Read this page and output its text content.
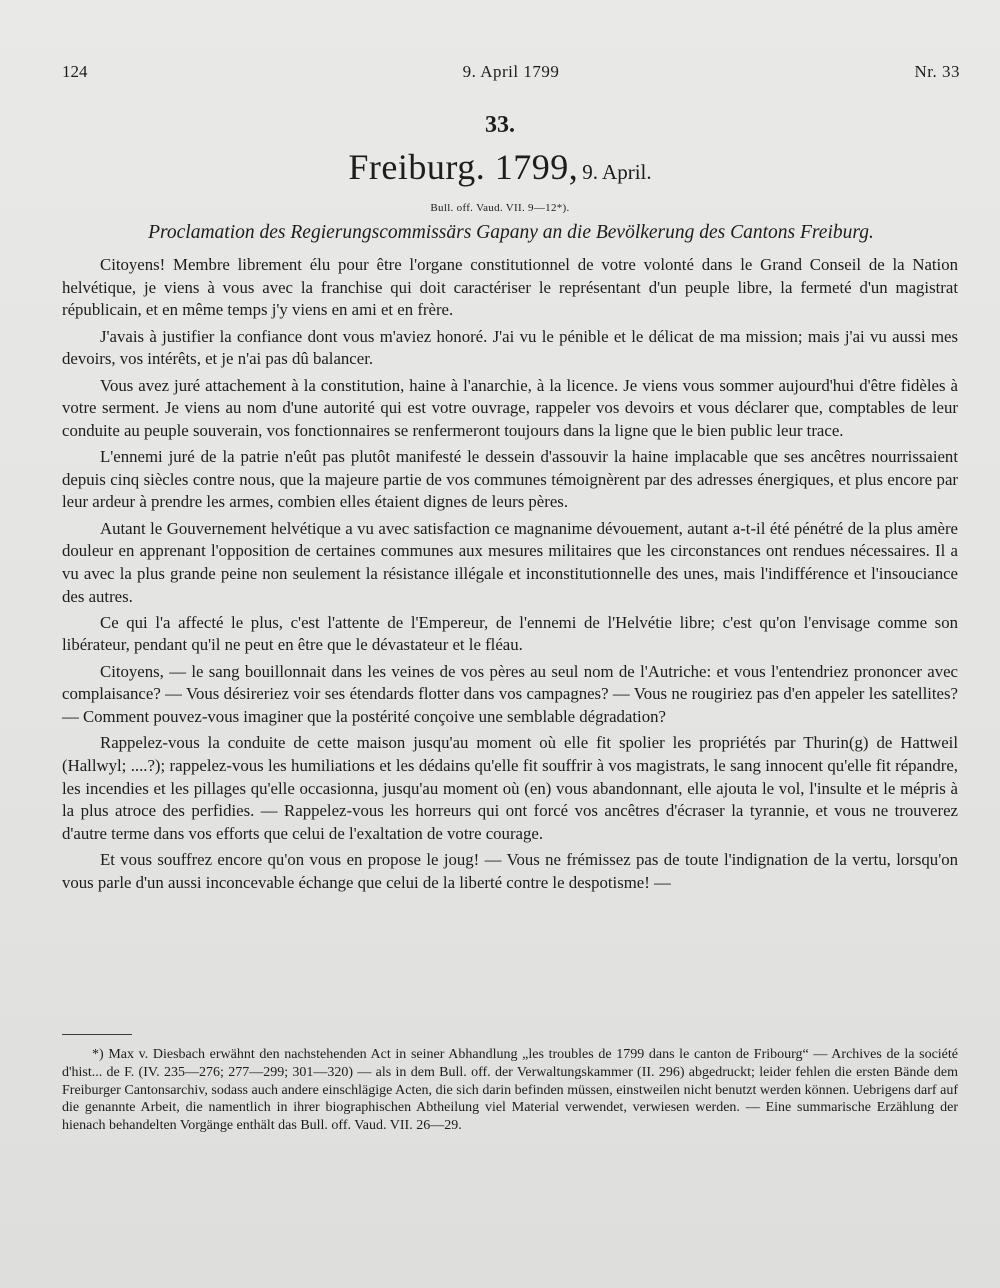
124	9. April 1799	Nr. 33
33.
Freiburg. 1799, 9. April.
Bull. off. Vaud. VII. 9—12*).
Proclamation des Regierungscommissärs Gapany an die Bevölkerung des Cantons Freiburg.

Citoyens! Membre librement élu pour être l'organe constitutionnel de votre volonté dans le Grand Conseil de la Nation helvétique, je viens à vous avec la franchise qui doit caractériser le représentant d'un peuple libre, la fermeté d'un magistrat républicain, et en même temps j'y viens en ami et en frère.

J'avais à justifier la confiance dont vous m'aviez honoré. J'ai vu le pénible et le délicat de ma mission; mais j'ai vu aussi mes devoirs, vos intérêts, et je n'ai pas dû balancer.

Vous avez juré attachement à la constitution, haine à l'anarchie, à la licence. Je viens vous sommer aujourd'hui d'être fidèles à votre serment. Je viens au nom d'une autorité qui est votre ouvrage, rappeler vos devoirs et vous déclarer que, comptables de leur conduite au peuple souverain, vos fonctionnaires se renfermeront toujours dans la ligne que le bien public leur trace.

L'ennemi juré de la patrie n'eût pas plutôt manifesté le dessein d'assouvir la haine implacable que ses ancêtres nourrissaient depuis cinq siècles contre nous, que la majeure partie de vos communes témoignèrent par des adresses énergiques, et plus encore par leur ardeur à prendre les armes, combien elles étaient dignes de leurs pères.

Autant le Gouvernement helvétique a vu avec satisfaction ce magnanime dévouement, autant a-t-il été pénétré de la plus amère douleur en apprenant l'opposition de certaines communes aux mesures militaires que les circonstances ont rendues nécessaires. Il a vu avec la plus grande peine non seulement la résistance illégale et inconstitutionnelle des unes, mais l'indifférence et l'insouciance des autres.

Ce qui l'a affecté le plus, c'est l'attente de l'Empereur, de l'ennemi de l'Helvétie libre; c'est qu'on l'envisage comme son libérateur, pendant qu'il ne peut en être que le dévastateur et le fléau.

Citoyens, — le sang bouillonnait dans les veines de vos pères au seul nom de l'Autriche: et vous l'entendriez prononcer avec complaisance? — Vous désireriez voir ses étendards flotter dans vos campagnes? — Vous ne rougiriez pas d'en appeler les satellites? — Comment pouvez-vous imaginer que la postérité conçoive une semblable dégradation?

Rappelez-vous la conduite de cette maison jusqu'au moment où elle fit spolier les propriétés par Thurin(g) de Hattweil (Hallwyl; ....?); rappelez-vous les humiliations et les dédains qu'elle fit souffrir à vos magistrats, le sang innocent qu'elle fit répandre, les incendies et les pillages qu'elle occasionna, jusqu'au moment où (en) vous abandonnant, elle ajouta le vol, l'insulte et le mépris à la plus atroce des perfidies. — Rappelez-vous les horreurs qui ont forcé vos ancêtres d'écraser la tyrannie, et vous ne trouverez d'autre terme dans vos efforts que celui de l'exaltation de votre courage.

Et vous souffrez encore qu'on vous en propose le joug! — Vous ne frémissez pas de toute l'indignation de la vertu, lorsqu'on vous parle d'un aussi inconcevable échange que celui de la liberté contre le despotisme! —

*) Max v. Diesbach erwähnt den nachstehenden Act in seiner Abhandlung „les troubles de 1799 dans le canton de Fribourg“ — Archives de la société d'hist... de F. (IV. 235—276; 277—299; 301—320) — als in dem Bull. off. der Verwaltungskammer (II. 296) abgedruckt; leider fehlen die ersten Bände dem Freiburger Cantonsarchiv, sodass auch andere einschlägige Acten, die sich darin befinden müssen, einstweilen nicht benutzt werden können. Uebrigens darf auf die genannte Arbeit, die namentlich in ihrer biographischen Abtheilung viel Material verwendet, verwiesen werden. — Eine summarische Erzählung der hienach behandelten Vorgänge enthält das Bull. off. Vaud. VII. 26—29.
